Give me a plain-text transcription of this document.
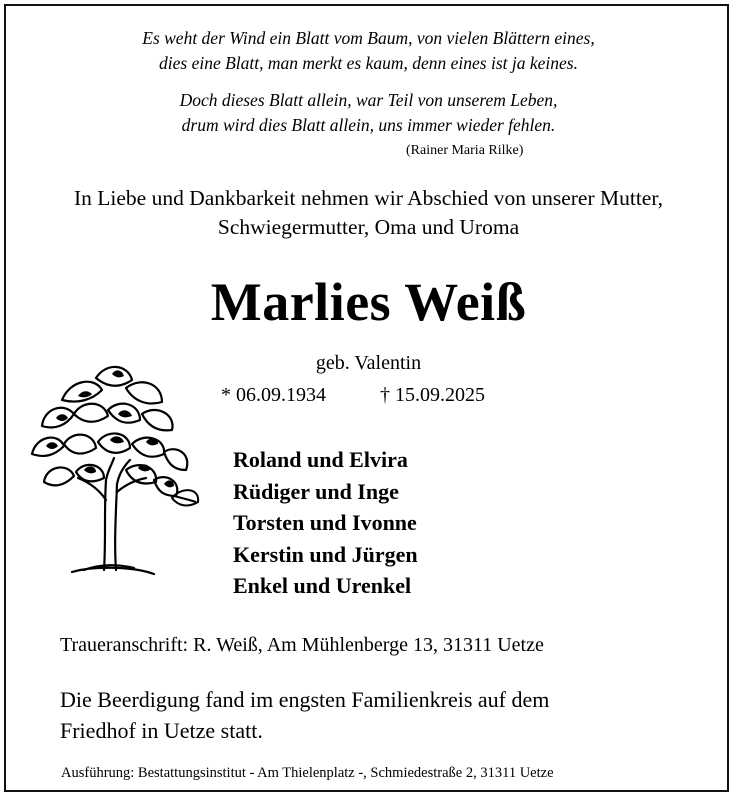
Es weht der Wind ein Blatt vom Baum, von vielen Blättern eines,

dies eine Blatt, man merkt es kaum, denn eines ist ja keines.

Doch dieses Blatt allein, war Teil von unserem Leben,

drum wird dies Blatt allein, uns immer wieder fehlen.

(Rainer Maria Rilke)

In Liebe und Dankbarkeit nehmen wir Abschied von unserer Mutter,

Schwiegermutter, Oma und Uroma

Marlies Weiß

geb. Valentin

* 06.09.1934	† 15.09.2025

Roland und Elvira
Rüdiger und Inge
Torsten und Ivonne
Kerstin und Jürgen
Enkel und Urenkel

Traueranschrift: R. Weiß, Am Mühlenberge 13, 31311 Uetze

Die Beerdigung fand im engsten Familienkreis auf dem

Friedhof in Uetze statt.

Ausführung: Bestattungsinstitut - Am Thielenplatz -, Schmiedestraße 2, 31311 Uetze
